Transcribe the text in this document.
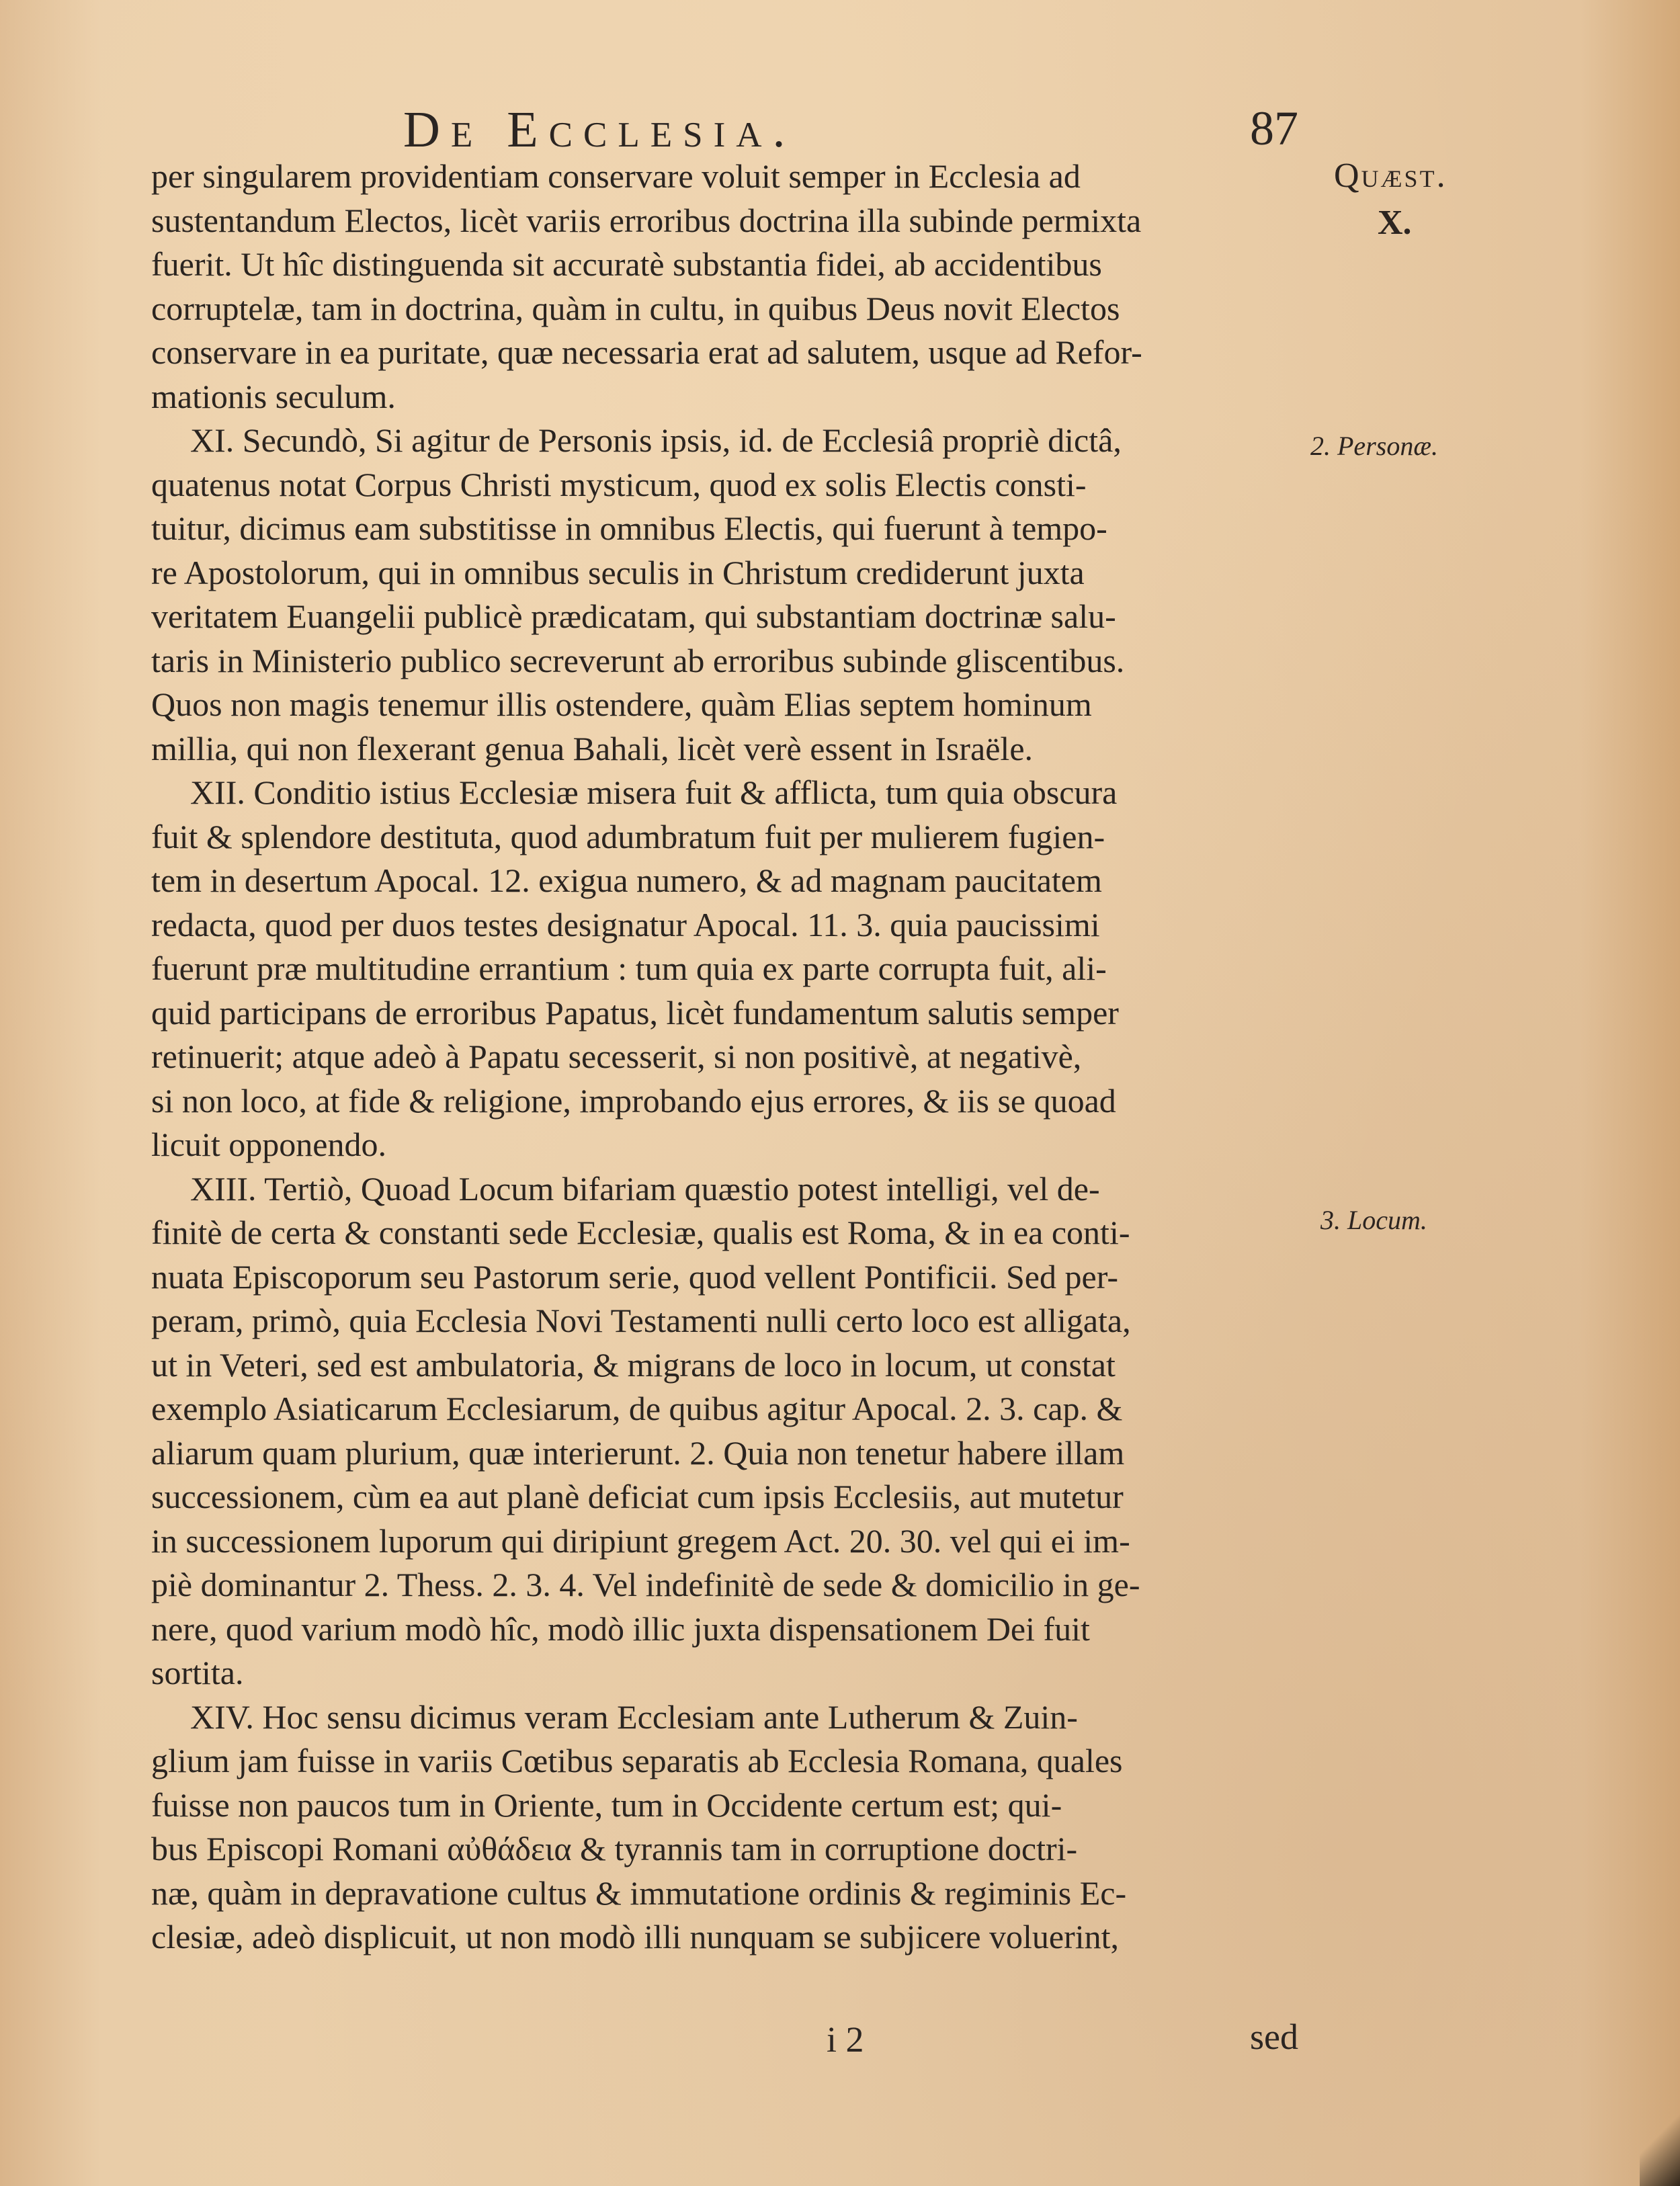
De Ecclesia.	87
Quæst.
X.
2. Personæ.
3. Locum.
per singularem providentiam conservare voluit semper in Ecclesia ad
sustentandum Electos, licèt variis erroribus doctrina illa subinde permixta
fuerit. Ut hîc distinguenda sit accuratè substantia fidei, ab accidentibus
corruptelæ, tam in doctrina, quàm in cultu, in quibus Deus novit Electos
conservare in ea puritate, quæ necessaria erat ad salutem, usque ad Refor-
mationis seculum.
XI. Secundò, Si agitur de Personis ipsis, id. de Ecclesiâ propriè dictâ,
quatenus notat Corpus Christi mysticum, quod ex solis Electis consti-
tuitur, dicimus eam substitisse in omnibus Electis, qui fuerunt à tempo-
re Apostolorum, qui in omnibus seculis in Christum crediderunt juxta
veritatem Euangelii publicè prædicatam, qui substantiam doctrinæ salu-
taris in Ministerio publico secreverunt ab erroribus subinde gliscentibus.
Quos non magis tenemur illis ostendere, quàm Elias septem hominum
millia, qui non flexerant genua Bahali, licèt verè essent in Israële.
XII. Conditio istius Ecclesiæ misera fuit & afflicta, tum quia obscura
fuit & splendore destituta, quod adumbratum fuit per mulierem fugien-
tem in desertum Apocal. 12. exigua numero, & ad magnam paucitatem
redacta, quod per duos testes designatur Apocal. 11. 3. quia paucissimi
fuerunt præ multitudine errantium : tum quia ex parte corrupta fuit, ali-
quid participans de erroribus Papatus, licèt fundamentum salutis semper
retinuerit; atque adeò à Papatu secesserit, si non positivè, at negativè,
si non loco, at fide & religione, improbando ejus errores, & iis se quoad
licuit opponendo.
XIII. Tertiò, Quoad Locum bifariam quæstio potest intelligi, vel de-
finitè de certa & constanti sede Ecclesiæ, qualis est Roma, & in ea conti-
nuata Episcoporum seu Pastorum serie, quod vellent Pontificii. Sed per-
peram, primò, quia Ecclesia Novi Testamenti nulli certo loco est alligata,
ut in Veteri, sed est ambulatoria, & migrans de loco in locum, ut constat
exemplo Asiaticarum Ecclesiarum, de quibus agitur Apocal. 2. 3. cap. &
aliarum quam plurium, quæ interierunt. 2. Quia non tenetur habere illam
successionem, cùm ea aut planè deficiat cum ipsis Ecclesiis, aut mutetur
in successionem luporum qui diripiunt gregem Act. 20. 30. vel qui ei im-
piè dominantur 2. Thess. 2. 3. 4. Vel indefinitè de sede & domicilio in ge-
nere, quod varium modò hîc, modò illic juxta dispensationem Dei fuit
sortita.
XIV. Hoc sensu dicimus veram Ecclesiam ante Lutherum & Zuin-
glium jam fuisse in variis Cœtibus separatis ab Ecclesia Romana, quales
fuisse non paucos tum in Oriente, tum in Occidente certum est; qui-
bus Episcopi Romani αὐθάδεια & tyrannis tam in corruptione doctri-
næ, quàm in depravatione cultus & immutatione ordinis & regiminis Ec-
clesiæ, adeò displicuit, ut non modò illi nunquam se subjicere voluerint,
i 2	sed
